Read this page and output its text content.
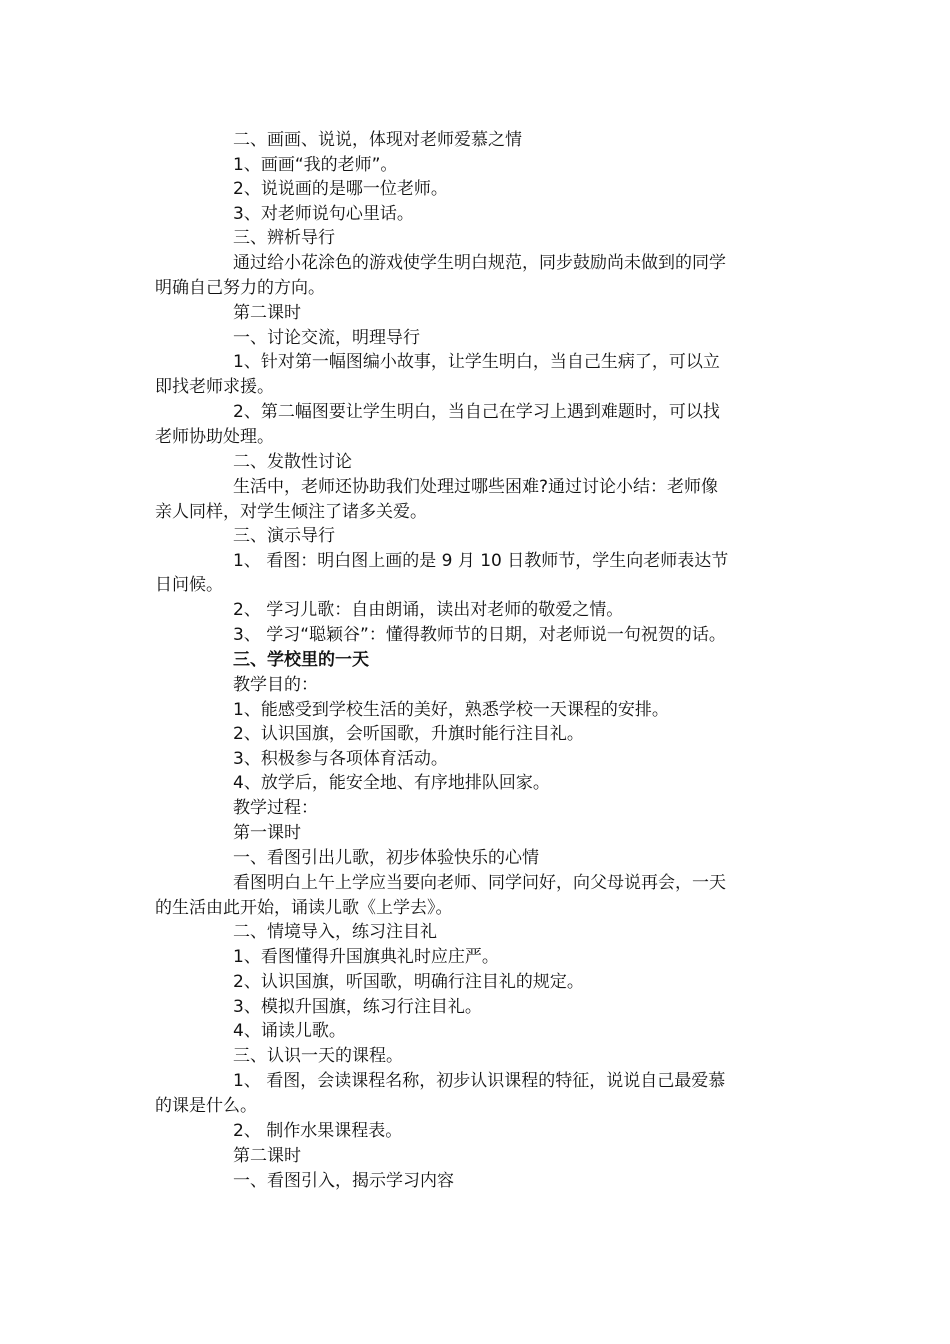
二、画画、说说，体现对老师爱慕之情
1、画画“我的老师”。
2、说说画的是哪一位老师。
3、对老师说句心里话。
三、辨析导行
通过给小花涂色的游戏使学生明白规范，同步鼓励尚未做到的同学
明确自己努力的方向。
第二课时
一、讨论交流，明理导行
1、针对第一幅图编小故事，让学生明白，当自己生病了，可以立
即找老师求援。
2、第二幅图要让学生明白，当自己在学习上遇到难题时，可以找
老师协助处理。
二、发散性讨论
生活中，老师还协助我们处理过哪些困难?通过讨论小结：老师像
亲人同样，对学生倾注了诸多关爱。
三、演示导行
1、 看图：明白图上画的是 9 月 10 日教师节，学生向老师表达节
日问候。
2、 学习儿歌：自由朗诵，读出对老师的敬爱之情。
3、 学习“聪颖谷”：懂得教师节的日期，对老师说一句祝贺的话。
三、学校里的一天
教学目的：
1、能感受到学校生活的美好，熟悉学校一天课程的安排。
2、认识国旗，会听国歌，升旗时能行注目礼。
3、积极参与各项体育活动。
4、放学后，能安全地、有序地排队回家。
教学过程：
第一课时
一、看图引出儿歌，初步体验快乐的心情
看图明白上午上学应当要向老师、同学问好，向父母说再会，一天
的生活由此开始，诵读儿歌《上学去》。
二、情境导入，练习注目礼
1、看图懂得升国旗典礼时应庄严。
2、认识国旗，听国歌，明确行注目礼的规定。
3、模拟升国旗，练习行注目礼。
4、诵读儿歌。
三、认识一天的课程。
1、 看图，会读课程名称，初步认识课程的特征，说说自己最爱慕
的课是什么。
2、 制作水果课程表。
第二课时
一、看图引入，揭示学习内容
